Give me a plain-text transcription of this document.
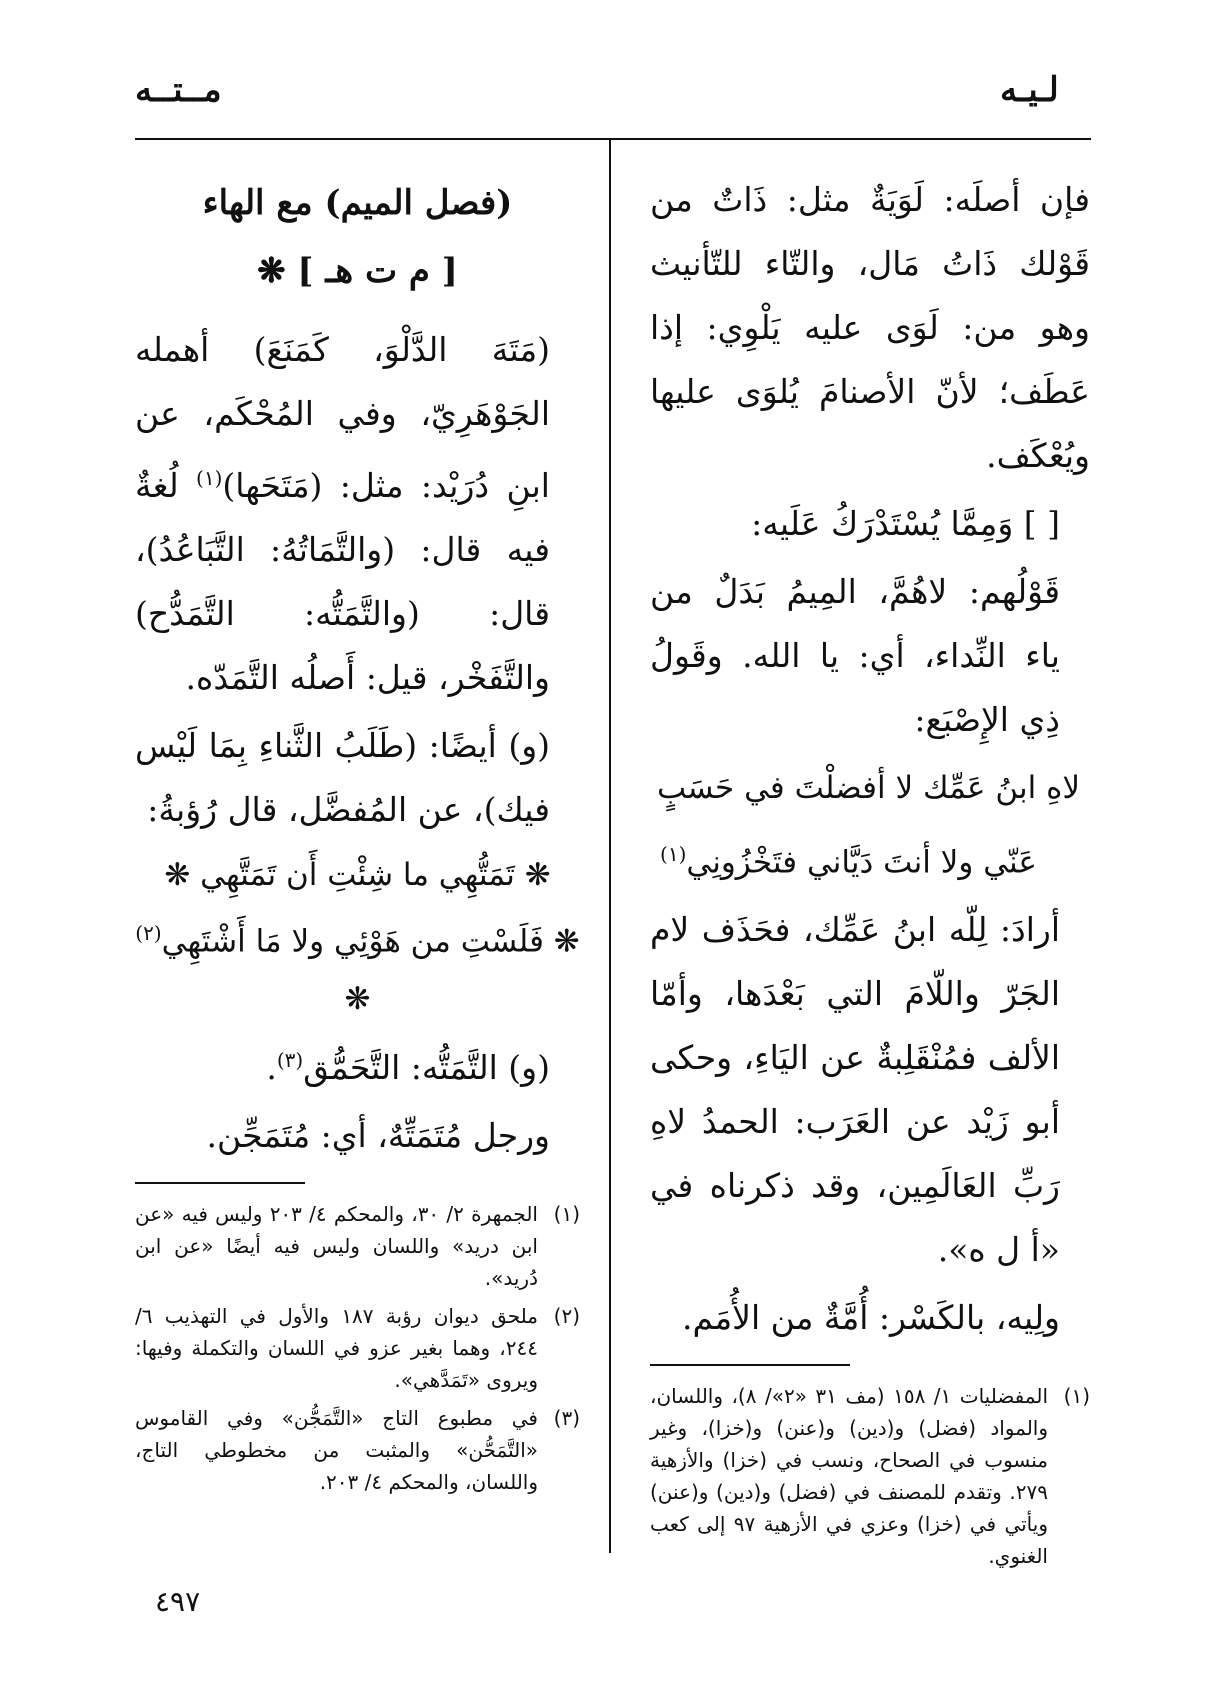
مــتــه	لـيـه

فإن أصلَه: لَوَيَةٌ مثل: ذَاتٌ من قَوْلك ذَاتُ مَال، والتّاء للتّأنيث وهو من: لَوَى عليه يَلْوِي: إذا عَطَف؛ لأنّ الأصنامَ يُلوَى عليها ويُعْكَف.

[ ] وَمِمَّا يُسْتَدْرَكُ عَلَيه:

قَوْلُهم: لاهُمَّ، المِيمُ بَدَلٌ من ياء النِّداء، أي: يا الله. وقَولُ ذِي الإِصْبَع:

لاهِ ابنُ عَمِّك لا أفضلْتَ في حَسَبٍ
عَنّي ولا أنتَ دَيَّاني فتَخْزُونِي$^{(١)}$

أرادَ: لِلّه ابنُ عَمِّك، فحَذَف لام الجَرّ واللّامَ التي بَعْدَها، وأمّا الألف فمُنْقَلِبةٌ عن اليَاءِ، وحكى أبو زَيْد عن العَرَب: الحمدُ لاهِ رَبِّ العَالَمِين، وقد ذكرناه في «أ ل ه».

ولِيه، بالكَسْر: أُمَّةٌ من الأُمَم.

(١)
المفضليات ١/ ١٥٨ (مف ٣١ «٢»/ ٨)، واللسان، والمواد (فضل) و(دين) و(عنن) و(خزا)، وغير منسوب في الصحاح، ونسب في (خزا) والأزهية ٢٧٩. وتقدم للمصنف في (فضل) و(دين) و(عنن) ويأتي في (خزا) وعزي في الأزهية ٩٧ إلى كعب الغنوي.
(فصل الميم) مع الهاء
[ م ت هـ ] ❋

(مَتَهَ الدَّلْوَ، كَمَنَعَ) أهمله الجَوْهَرِيّ، وفي المُحْكَم، عن ابنِ دُرَيْد: مثل: (مَتَحَها)$^{(١)}$ لُغةٌ فيه قال: (والتَّمَاتُهُ: التَّبَاعُدُ)، قال: (والتَّمَتُّه: التَّمَدُّح) والتَّفَخْر، قيل: أَصلُه التَّمَدّه.

(و) أيضًا: (طَلَبُ الثَّناءِ بِمَا لَيْس فيك)، عن المُفضَّل، قال رُؤبةُ:

❋ تَمَتُّهِي ما شِئْتِ أَن تَمَتَّهِي ❋
❋ فَلَسْتِ من هَوْئِي ولا مَا أَشْتَهِي$^{(٢)}$ ❋

(و) التَّمَتُّه: التَّحَمُّق$^{(٣)}$.

ورجل مُتَمَتِّهٌ، أي: مُتَمَجِّن.

(١)
الجمهرة ٢/ ٣٠، والمحكم ٤/ ٢٠٣ وليس فيه «عن ابن دريد» واللسان وليس فيه أيضًا «عن ابن دُريد».
(٢)
ملحق ديوان رؤبة ١٨٧ والأول في التهذيب ٦/ ٢٤٤، وهما بغير عزو في اللسان والتكملة وفيها: ويروى «تَمَدَّهي».
(٣)
في مطبوع التاج «التَّمَجُّن» وفي القاموس «التَّمَحُّن» والمثبت من مخطوطي التاج، واللسان، والمحكم ٤/ ٢٠٣.
٤٩٧
